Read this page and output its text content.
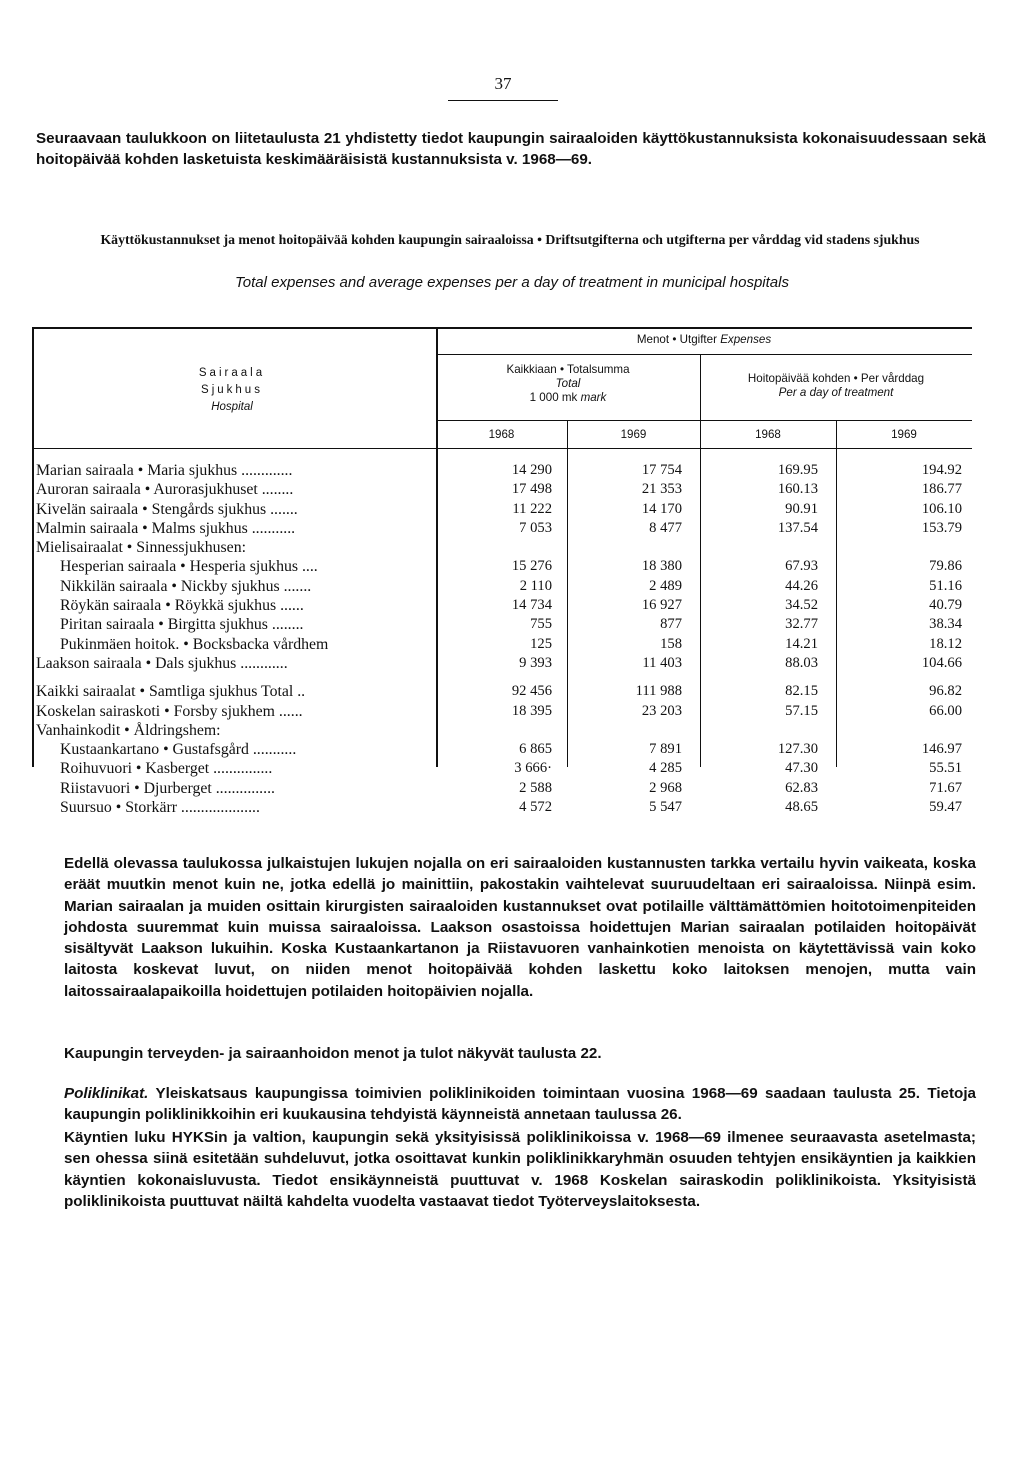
37
Seuraavaan taulukkoon on liitetaulusta 21 yhdistetty tiedot kaupungin sairaaloiden käyttökustannuksista kokonaisuudessaan sekä hoitopäivää kohden lasketuista keskimääräisistä kustannuksista v. 1968—69.
Käyttökustannukset ja menot hoitopäivää kohden kaupungin sairaaloissa • Driftsutgifterna och utgifterna per vårddag vid stadens sjukhus
Total expenses and average expenses per a day of treatment in municipal hospitals
Sairaala
Sjukhus
Hospital
Menot • Utgifter Expenses
Kaikkiaan • Totalsumma
Total
1 000 mk mark
Hoitopäivää kohden • Per vårddag
Per a day of treatment
1968	1969	1968	1969
Marian sairaala • Maria sjukhus .............	14 290	17 754	169.95	194.92
Auroran sairaala • Aurorasjukhuset ........	17 498	21 353	160.13	186.77
Kivelän sairaala • Stengårds sjukhus .......	11 222	14 170	90.91	106.10
Malmin sairaala • Malms sjukhus ...........	7 053	8 477	137.54	153.79
Mielisairaalat • Sinnessjukhusen:
Hesperian sairaala • Hesperia sjukhus ....	15 276	18 380	67.93	79.86
Nikkilän sairaala • Nickby sjukhus .......	2 110	2 489	44.26	51.16
Röykän sairaala • Röykkä sjukhus ......	14 734	16 927	34.52	40.79
Piritan sairaala • Birgitta sjukhus ........	755	877	32.77	38.34
Pukinmäen hoitok. • Bocksbacka vårdhem	125	158	14.21	18.12
Laakson sairaala • Dals sjukhus ............	9 393	11 403	88.03	104.66
Kaikki sairaalat • Samtliga sjukhus Total ..	92 456	111 988	82.15	96.82
Koskelan sairaskoti • Forsby sjukhem ......	18 395	23 203	57.15	66.00
Vanhainkodit • Åldringshem:
Kustaankartano • Gustafsgård ...........	6 865	7 891	127.30	146.97
Roihuvuori • Kasberget ...............	3 666·	4 285	47.30	55.51
Riistavuori • Djurberget ...............	2 588	2 968	62.83	71.67
Suursuo • Storkärr ....................	4 572	5 547	48.65	59.47
Edellä olevassa taulukossa julkaistujen lukujen nojalla on eri sairaaloiden kustannusten tarkka vertailu hyvin vaikeata, koska eräät muutkin menot kuin ne, jotka edellä jo mainittiin, pakostakin vaihtelevat suuruudeltaan eri sairaaloissa. Niinpä esim. Marian sairaalan ja muiden osittain kirurgisten sairaaloiden kustannukset ovat potilaille välttämättömien hoitotoimenpiteiden johdosta suuremmat kuin muissa sairaaloissa. Laakson osastoissa hoidettujen Marian sairaalan potilaiden hoitopäivät sisältyvät Laakson lukuihin. Koska Kustaankartanon ja Riistavuoren vanhainkotien menoista on käytettävissä vain koko laitosta koskevat luvut, on niiden menot hoitopäivää kohden laskettu koko laitoksen menojen, mutta vain laitossairaalapaikoilla hoidettujen potilaiden hoitopäivien nojalla.
Kaupungin terveyden- ja sairaanhoidon menot ja tulot näkyvät taulusta 22.
Poliklinikat. Yleiskatsaus kaupungissa toimivien poliklinikoiden toimintaan vuosina 1968—69 saadaan taulusta 25. Tietoja kaupungin poliklinikkoihin eri kuukausina tehdyistä käynneistä annetaan taulussa 26.
Käyntien luku HYKSin ja valtion, kaupungin sekä yksityisissä poliklinikoissa v. 1968—69 ilmenee seuraavasta asetelmasta; sen ohessa siinä esitetään suhdeluvut, jotka osoittavat kunkin poliklinikkaryhmän osuuden tehtyjen ensikäyntien ja kaikkien käyntien kokonaisluvusta. Tiedot ensikäynneistä puuttuvat v. 1968 Koskelan sairaskodin poliklinikoista. Yksityisistä poliklinikoista puuttuvat näiltä kahdelta vuodelta vastaavat tiedot Työterveyslaitoksesta.
